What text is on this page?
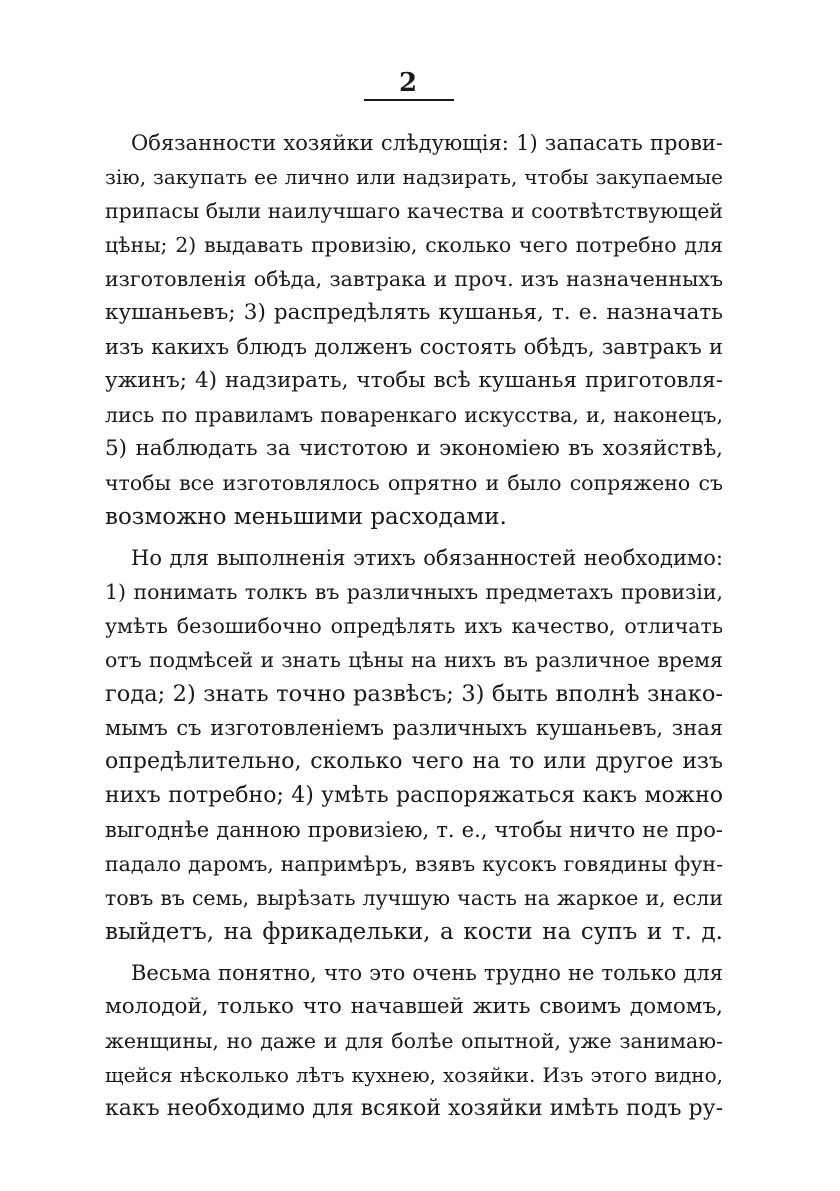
2

Обязанности хозяйки слѣдующія: 1) запасать прови-
зію, закупать ее лично или надзирать, чтобы закупаемые
припасы были наилучшаго качества и соотвѣтствующей
цѣны; 2) выдавать провизію, сколько чего потребно для
изготовленія обѣда, завтрака и проч. изъ назначенныхъ
кушаньевъ; 3) распредѣлять кушанья, т. е. назначать
изъ какихъ блюдъ долженъ состоять обѣдъ, завтракъ и
ужинъ; 4) надзирать, чтобы всѣ кушанья приготовля-
лись по правиламъ поваренкаго искусства, и, наконецъ,
5) наблюдать за чистотою и экономіею въ хозяйствѣ,
чтобы все изготовлялось опрятно и было сопряжено съ
возможно меньшими расходами.

Но для выполненія этихъ обязанностей необходимо:
1) понимать толкъ въ различныхъ предметахъ провизіи,
умѣть безошибочно опредѣлять ихъ качество, отличать
отъ подмѣсей и знать цѣны на нихъ въ различное время
года; 2) знать точно развѣсъ; 3) быть вполнѣ знако-
мымъ съ изготовленіемъ различныхъ кушаньевъ, зная
опредѣлительно, сколько чего на то или другое изъ
нихъ потребно; 4) умѣть распоряжаться какъ можно
выгоднѣе данною провизіею, т. е., чтобы ничто не про-
падало даромъ, напримѣръ, взявъ кусокъ говядины фун-
товъ въ семь, вырѣзать лучшую часть на жаркое и, если
выйдетъ, на фрикадельки, а кости на супъ и т. д.

Весьма понятно, что это очень трудно не только для
молодой, только что начавшей жить своимъ домомъ,
женщины, но даже и для болѣе опытной, уже занимаю-
щейся нѣсколько лѣтъ кухнею, хозяйки. Изъ этого видно,
какъ необходимо для всякой хозяйки имѣть подъ ру-
